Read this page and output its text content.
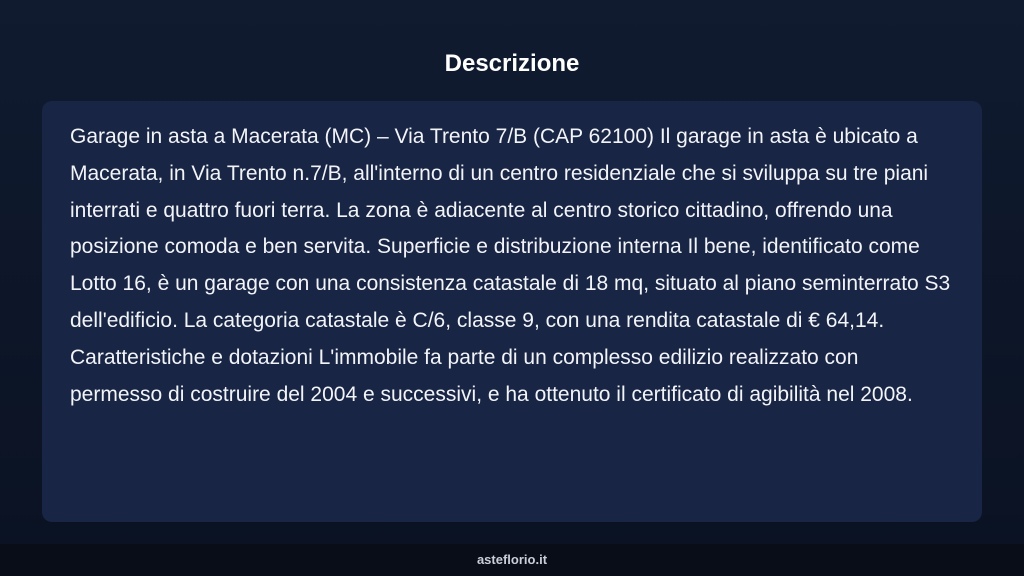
Descrizione

Garage in asta a Macerata (MC) – Via Trento 7/B (CAP 62100) Il garage in asta è ubicato a Macerata, in Via Trento n.7/B, all'interno di un centro residenziale che si sviluppa su tre piani interrati e quattro fuori terra. La zona è adiacente al centro storico cittadino, offrendo una posizione comoda e ben servita. Superficie e distribuzione interna Il bene, identificato come Lotto 16, è un garage con una consistenza catastale di 18 mq, situato al piano seminterrato S3 dell'edificio. La categoria catastale è C/6, classe 9, con una rendita catastale di € 64,14. Caratteristiche e dotazioni L'immobile fa parte di un complesso edilizio realizzato con permesso di costruire del 2004 e successivi, e ha ottenuto il certificato di agibilità nel 2008.

asteflorio.it
